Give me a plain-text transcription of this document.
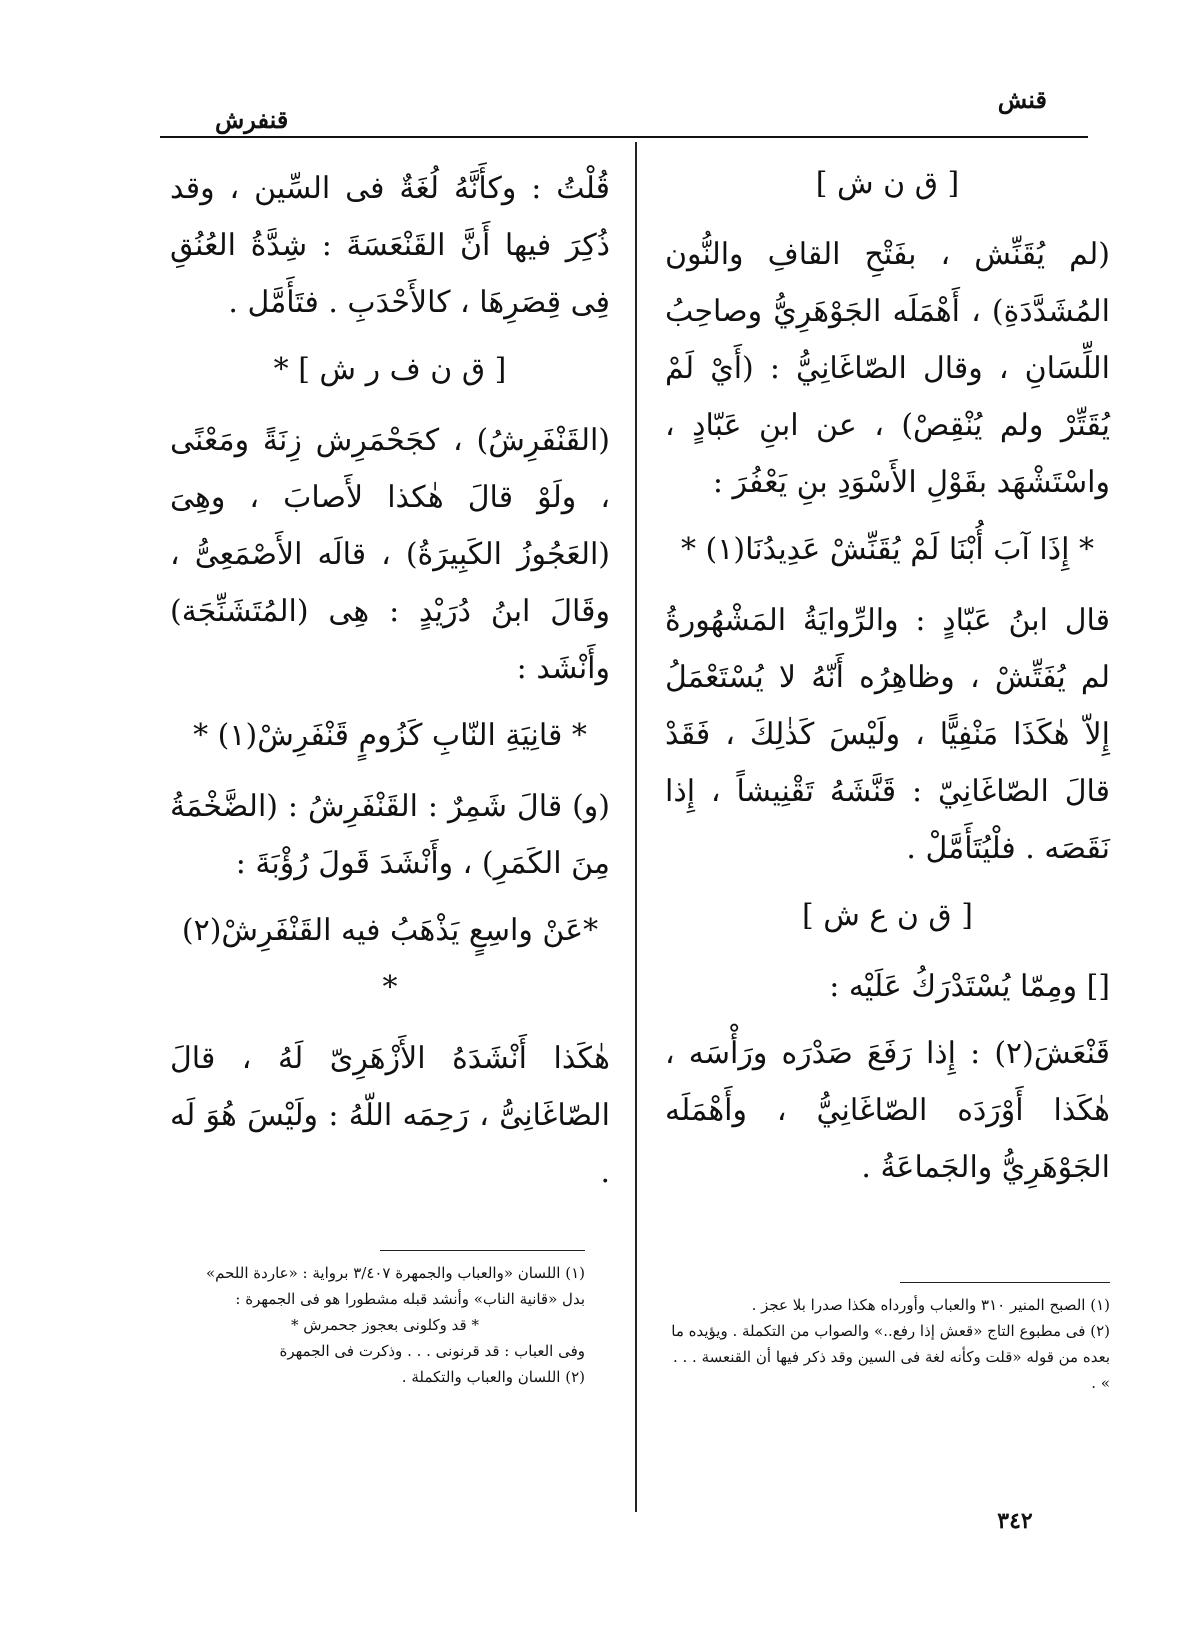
قنش
قنفرش
[ ق ن ش ]

(لم يُقَنِّش ، بفَتْحِ القافِ والنُّون المُشَدَّدَةِ) ، أَهْمَلَه الجَوْهَرِيُّ وصاحِبُ اللِّسَانِ ، وقال الصّاغَانِيُّ : (أَيْ لَمْ يُقَتِّرْ ولم يُنْقِصْ) ، عن ابنِ عَبّادٍ ، واسْتَشْهَد بقَوْلِ الأَسْوَدِ بنِ يَعْفُرَ :

* إِذَا آبَ أُبْنَا لَمْ يُقَنِّشْ عَدِيدُنَا(١) *

قال ابنُ عَبّادٍ : والرِّوايَةُ المَشْهُورةُ لم يُفَتِّشْ ، وظاهِرُه أَنّهُ لا يُسْتَعْمَلُ إِلاّ هٰكَذَا مَنْفِيًّا ، ولَيْسَ كَذٰلِكَ ، فَقَدْ قالَ الصّاغَانِيّ : قَنَّشَهُ تَقْنِيشاً ، إِذا نَقَصَه . فلْيُتَأَمَّلْ .

[ ق ن ع ش ]

[] ومِمّا يُسْتَدْرَكُ عَلَيْه :

قَنْعَشَ(٢) : إِذا رَفَعَ صَدْرَه ورَأْسَه ، هٰكَذا أَوْرَدَه الصّاغَانِيُّ ، وأَهْمَلَه الجَوْهَرِيُّ والجَماعَةُ .

قُلْتُ : وكأَنَّهُ لُغَةٌ فى السِّين ، وقد ذُكِرَ فيها أَنَّ القَنْعَسَةَ : شِدَّةُ العُنُقِ فِى قِصَرِهَا ، كالأَحْدَبِ . فتَأَمَّل .

[ ق ن ف ر ش ] *

(القَنْفَرِشُ) ، كجَحْمَرِش زِنَةً ومَعْنًى ، ولَوْ قالَ هٰكذا لأَصابَ ، وهِىَ (العَجُوزُ الكَبِيرَةُ) ، قالَه الأَصْمَعِىُّ ، وقَالَ ابنُ دُرَيْدٍ : هِى (المُتَشَنِّجَة) وأَنْشَد :

* قانِيَةِ النّابِ كَزُومٍ قَنْفَرِشْ(١) *

(و) قالَ شَمِرٌ : القَنْفَرِشُ : (الضَّخْمَةُ مِنَ الكَمَرِ) ، وأَنْشَدَ قَولَ رُؤْبَةَ :

*عَنْ واسِعٍ يَذْهَبُ فيه القَنْفَرِشْ(٢) *

هٰكَذا أَنْشَدَهُ الأَزْهَرِىّ لَهُ ، قالَ الصّاغَانِىُّ ، رَحِمَه اللّهُ : ولَيْسَ هُوَ لَه .

(١) الصبح المنير ٣١٠ والعباب وأورداه هكذا صدرا بلا عجز .

(٢) فى مطبوع التاج «قعش إذا رفع..» والصواب من التكملة . ويؤيده ما بعده من قوله «قلت وكأنه لغة فى السين وقد ذكر فيها أن القنعسة . . . » .

(١) اللسان «والعباب والجمهرة ٣/٤٠٧ برواية : «عاردة اللحم» بدل «قانية الناب» وأنشد قبله مشطورا هو فى الجمهرة :

* قد وكلونى بعجوز جحمرش *

وفى العباب : قد قرنونى . . . وذكرت فى الجمهرة

(٢) اللسان والعباب والتكملة .

٣٤٢
